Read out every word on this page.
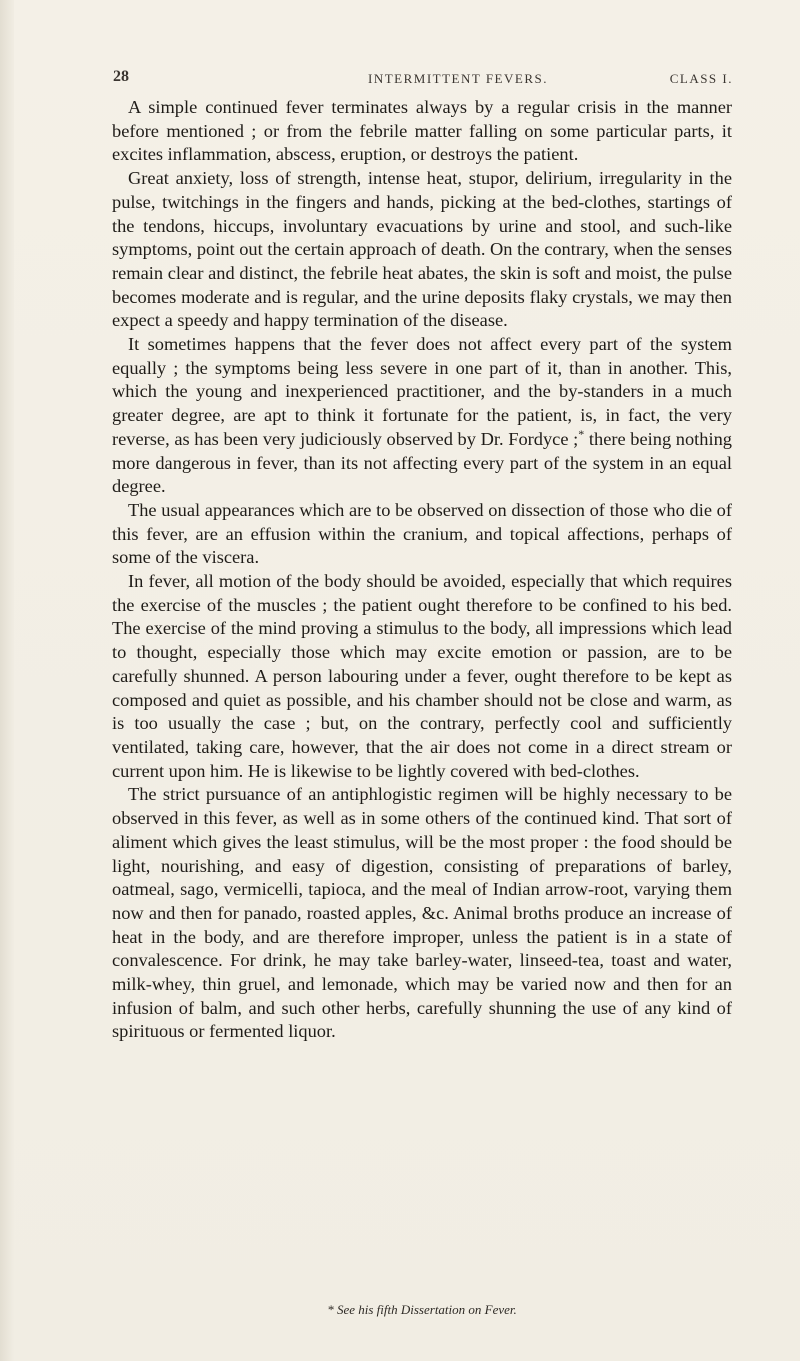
28	INTERMITTENT FEVERS.	CLASS I.

A simple continued fever terminates always by a regular crisis in the manner before mentioned ; or from the febrile matter falling on some particular parts, it excites inflammation, abscess, eruption, or destroys the patient.

Great anxiety, loss of strength, intense heat, stupor, delirium, irregularity in the pulse, twitchings in the fingers and hands, picking at the bed-clothes, startings of the tendons, hiccups, involuntary evacuations by urine and stool, and such-like symptoms, point out the certain approach of death. On the contrary, when the senses remain clear and distinct, the febrile heat abates, the skin is soft and moist, the pulse becomes moderate and is regular, and the urine deposits flaky crystals, we may then expect a speedy and happy termination of the disease.

It sometimes happens that the fever does not affect every part of the system equally ; the symptoms being less severe in one part of it, than in another. This, which the young and inexperienced practitioner, and the by-standers in a much greater degree, are apt to think it fortunate for the patient, is, in fact, the very reverse, as has been very judiciously observed by Dr. Fordyce ;* there being nothing more dangerous in fever, than its not affecting every part of the system in an equal degree.

The usual appearances which are to be observed on dissection of those who die of this fever, are an effusion within the cranium, and topical affections, perhaps of some of the viscera.

In fever, all motion of the body should be avoided, especially that which requires the exercise of the muscles ; the patient ought therefore to be confined to his bed. The exercise of the mind proving a stimulus to the body, all impressions which lead to thought, especially those which may excite emotion or passion, are to be carefully shunned. A person labouring under a fever, ought therefore to be kept as composed and quiet as possible, and his chamber should not be close and warm, as is too usually the case ; but, on the contrary, perfectly cool and sufficiently ventilated, taking care, however, that the air does not come in a direct stream or current upon him. He is likewise to be lightly covered with bed-clothes.

The strict pursuance of an antiphlogistic regimen will be highly necessary to be observed in this fever, as well as in some others of the continued kind. That sort of aliment which gives the least stimulus, will be the most proper : the food should be light, nourishing, and easy of digestion, consisting of preparations of barley, oatmeal, sago, vermicelli, tapioca, and the meal of Indian arrow-root, varying them now and then for panado, roasted apples, &c. Animal broths produce an increase of heat in the body, and are therefore improper, unless the patient is in a state of convalescence. For drink, he may take barley-water, linseed-tea, toast and water, milk-whey, thin gruel, and lemonade, which may be varied now and then for an infusion of balm, and such other herbs, carefully shunning the use of any kind of spirituous or fermented liquor.

* See his fifth Dissertation on Fever.
